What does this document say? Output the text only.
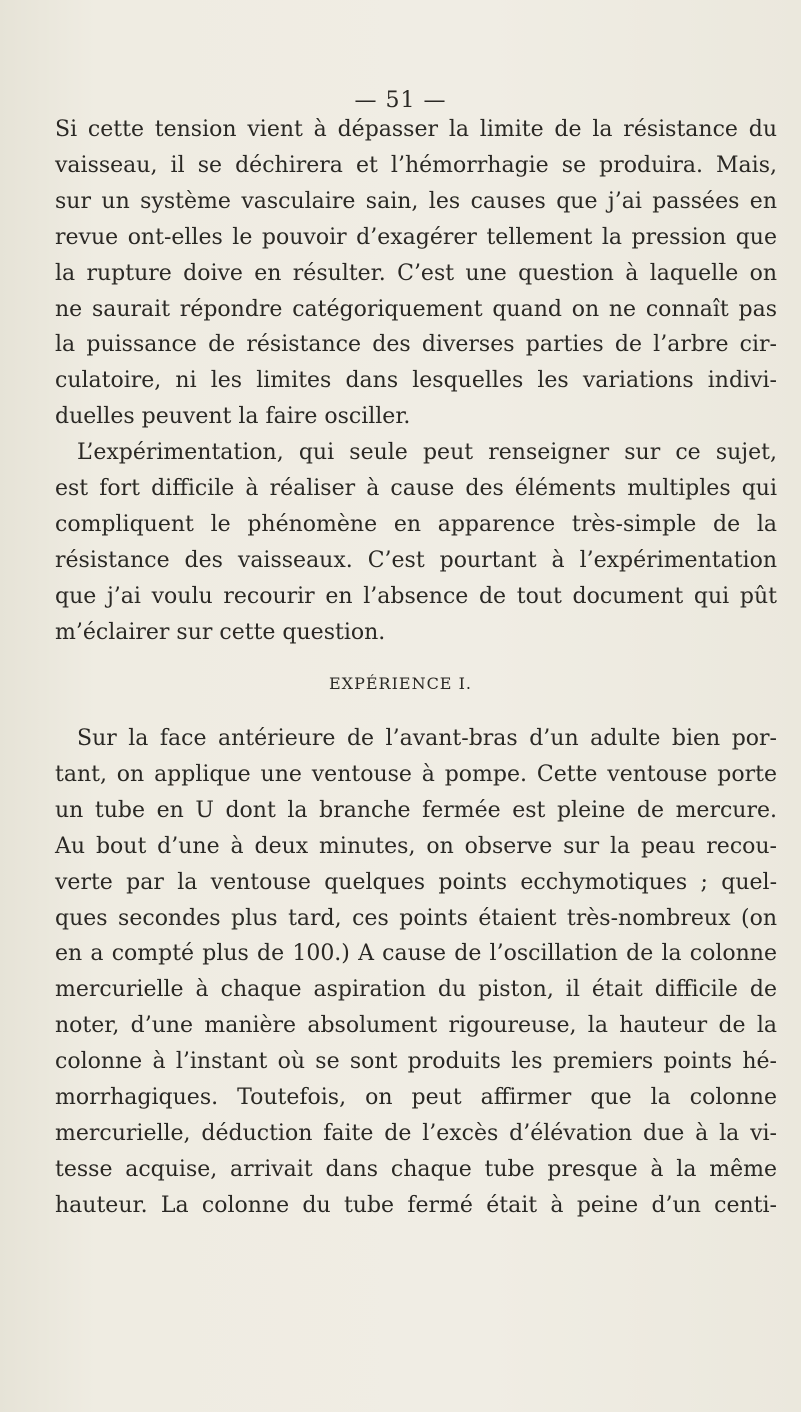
— 51 —
Si cette tension vient à dépasser la limite de la résistance du
vaisseau, il se déchirera et l’hémorrhagie se produira. Mais,
sur un système vasculaire sain, les causes que j’ai passées en
revue ont-elles le pouvoir d’exagérer tellement la pression que
la rupture doive en résulter. C’est une question à laquelle on
ne saurait répondre catégoriquement quand on ne connaît pas
la puissance de résistance des diverses parties de l’arbre cir-
culatoire, ni les limites dans lesquelles les variations indivi-
duelles peuvent la faire osciller.
L’expérimentation, qui seule peut renseigner sur ce sujet,
est fort difficile à réaliser à cause des éléments multiples qui
compliquent le phénomène en apparence très-simple de la
résistance des vaisseaux. C’est pourtant à l’expérimentation
que j’ai voulu recourir en l’absence de tout document qui pût
m’éclairer sur cette question.
EXPÉRIENCE I.
Sur la face antérieure de l’avant-bras d’un adulte bien por-
tant, on applique une ventouse à pompe. Cette ventouse porte
un tube en U dont la branche fermée est pleine de mercure.
Au bout d’une à deux minutes, on observe sur la peau recou-
verte par la ventouse quelques points ecchymotiques ; quel-
ques secondes plus tard, ces points étaient très-nombreux (on
en a compté plus de 100.) A cause de l’oscillation de la colonne
mercurielle à chaque aspiration du piston, il était difficile de
noter, d’une manière absolument rigoureuse, la hauteur de la
colonne à l’instant où se sont produits les premiers points hé-
morrhagiques. Toutefois, on peut affirmer que la colonne
mercurielle, déduction faite de l’excès d’élévation due à la vi-
tesse acquise, arrivait dans chaque tube presque à la même
hauteur. La colonne du tube fermé était à peine d’un centi-
